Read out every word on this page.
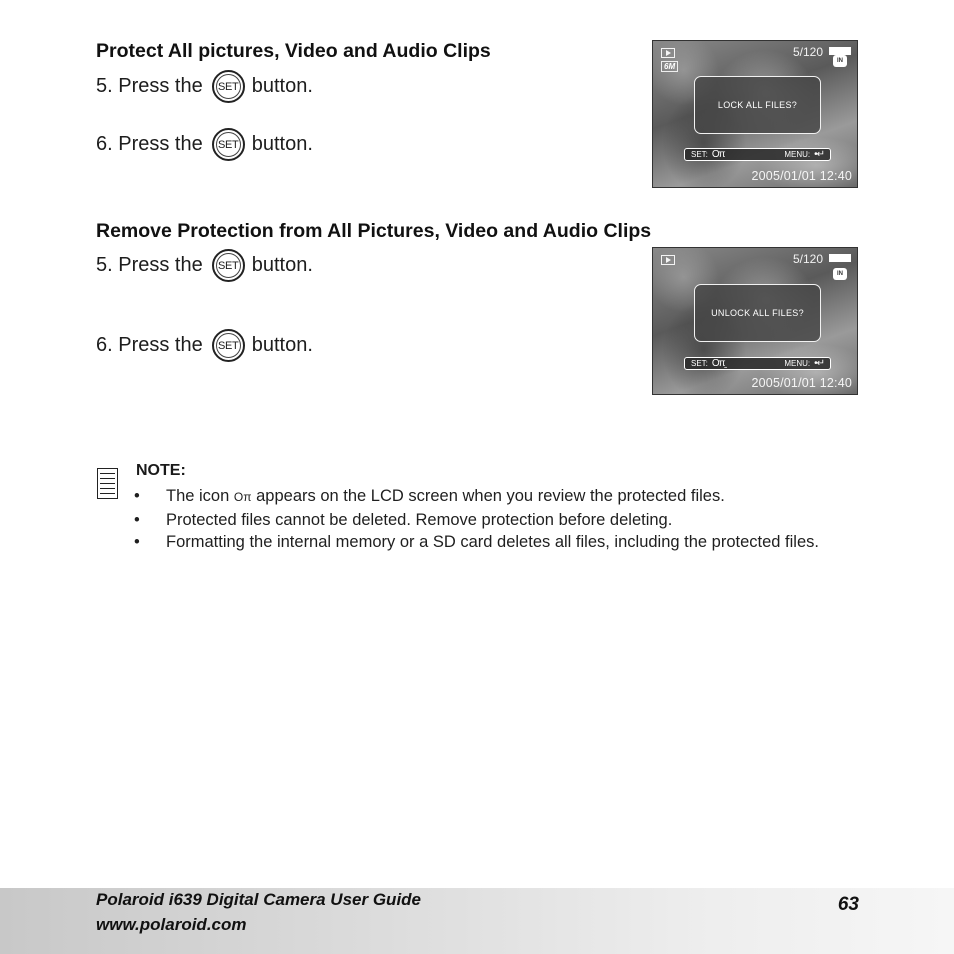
Protect All pictures, Video and Audio Clips
5. Press the SET button.
6. Press the SET button.
6M
5/120
IN
LOCK ALL FILES?
SET: Oπ	MENU: •↵
2005/01/01 12:40
Remove Protection from All Pictures, Video and Audio Clips
5. Press the SET button.
6. Press the SET button.
5/120
IN
UNLOCK ALL FILES?
SET: Oπ̱	MENU: •↵
2005/01/01 12:40
NOTE:
•	The icon Oπ appears on the LCD screen when you review the protected files.
•	Protected files cannot be deleted. Remove protection before deleting.
•	Formatting the internal memory or a SD card deletes all files, including the protected files.
Polaroid i639 Digital Camera User Guide
www.polaroid.com
63
